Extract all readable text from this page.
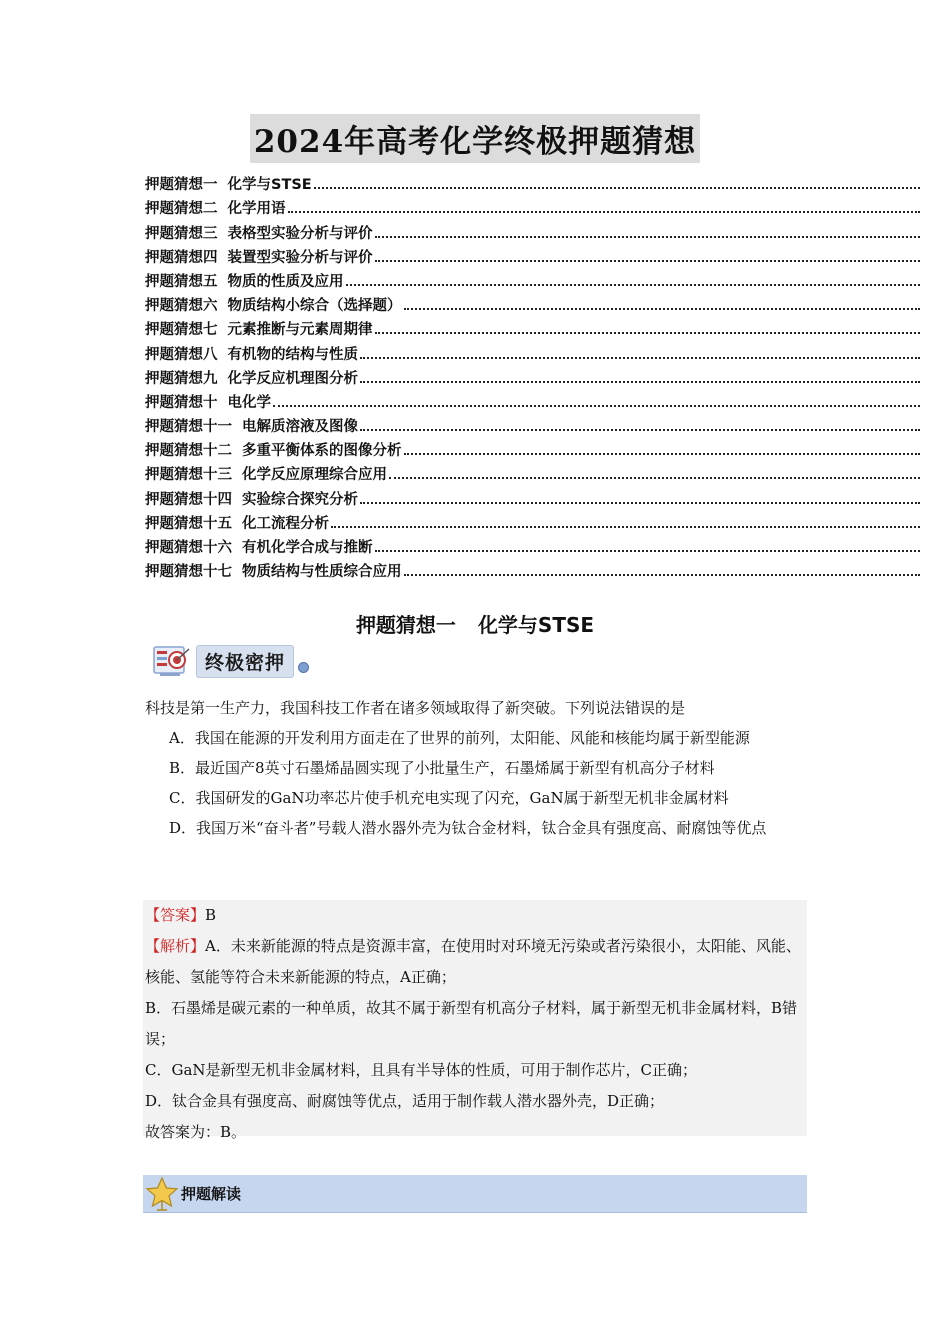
2024年高考化学终极押题猜想
押题猜想一 化学与STSE
押题猜想二 化学用语
押题猜想三 表格型实验分析与评价
押题猜想四 装置型实验分析与评价
押题猜想五 物质的性质及应用
押题猜想六 物质结构小综合（选择题）
押题猜想七 元素推断与元素周期律
押题猜想八 有机物的结构与性质
押题猜想九 化学反应机理图分析
押题猜想十 电化学
押题猜想十一 电解质溶液及图像
押题猜想十二 多重平衡体系的图像分析
押题猜想十三 化学反应原理综合应用
押题猜想十四 实验综合探究分析
押题猜想十五 化工流程分析
押题猜想十六 有机化学合成与推断
押题猜想十七 物质结构与性质综合应用
押题猜想一 化学与STSE
终极密押

科技是第一生产力，我国科技工作者在诸多领域取得了新突破。下列说法错误的是

A．我国在能源的开发利用方面走在了世界的前列，太阳能、风能和核能均属于新型能源

B．最近国产8英寸石墨烯晶圆实现了小批量生产，石墨烯属于新型有机高分子材料

C．我国研发的GaN功率芯片使手机充电实现了闪充，GaN属于新型无机非金属材料

D．我国万米“奋斗者”号载人潜水器外壳为钛合金材料，钛合金具有强度高、耐腐蚀等优点

【答案】B
【解析】A．未来新能源的特点是资源丰富，在使用时对环境无污染或者污染很小，太阳能、风能、核能、氢能等符合未来新能源的特点，A正确；
B．石墨烯是碳元素的一种单质，故其不属于新型有机高分子材料，属于新型无机非金属材料，B错误；
C．GaN是新型无机非金属材料，且具有半导体的性质，可用于制作芯片，C正确；
D．钛合金具有强度高、耐腐蚀等优点，适用于制作载人潜水器外壳，D正确；
故答案为：B。
押题解读
